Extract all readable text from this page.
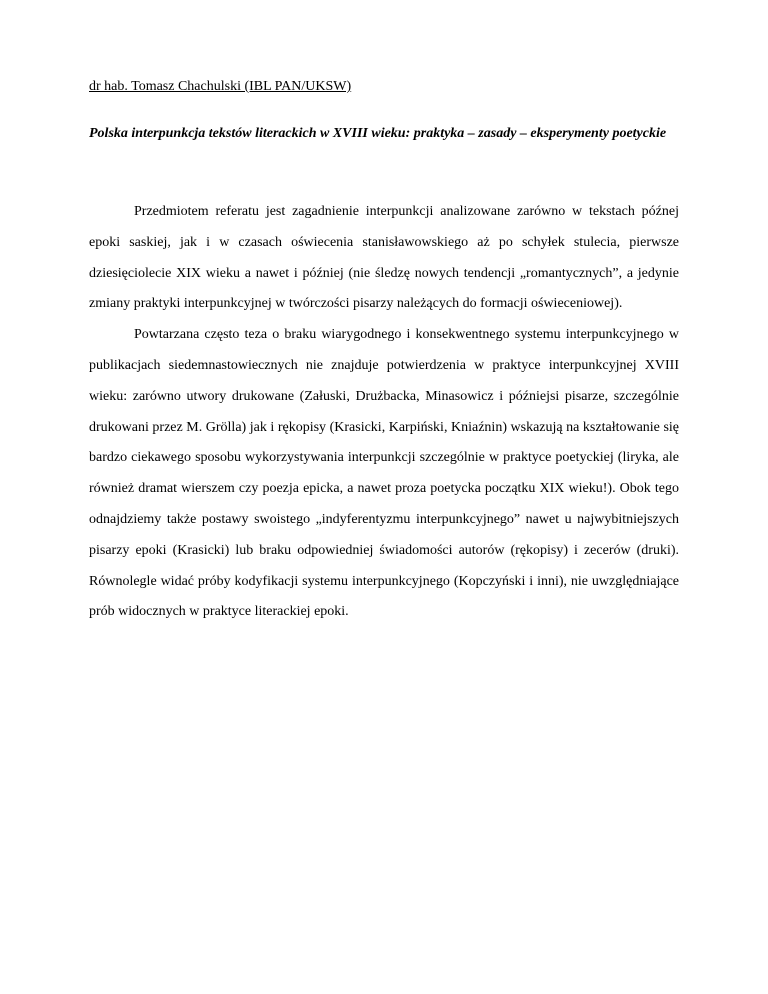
dr hab. Tomasz Chachulski (IBL PAN/UKSW)

Polska interpunkcja tekstów literackich w XVIII wieku: praktyka – zasady – eksperymenty poetyckie

Przedmiotem referatu jest zagadnienie interpunkcji analizowane zarówno w tekstach późnej epoki saskiej, jak i w czasach oświecenia stanisławowskiego aż po schyłek stulecia, pierwsze dziesięciolecie XIX wieku a nawet i później (nie śledzę nowych tendencji „romantycznych”, a jedynie zmiany praktyki interpunkcyjnej w twórczości pisarzy należących do formacji oświeceniowej).

Powtarzana często teza o braku wiarygodnego i konsekwentnego systemu interpunkcyjnego w publikacjach siedemnastowiecznych nie znajduje potwierdzenia w praktyce interpunkcyjnej XVIII wieku: zarówno utwory drukowane (Załuski, Drużbacka, Minasowicz i późniejsi pisarze, szczególnie drukowani przez M. Grölla) jak i rękopisy (Krasicki, Karpiński, Kniaźnin) wskazują na kształtowanie się bardzo ciekawego sposobu wykorzystywania interpunkcji szczególnie w praktyce poetyckiej (liryka, ale również dramat wierszem czy poezja epicka, a nawet proza poetycka początku XIX wieku!). Obok tego odnajdziemy także postawy swoistego „indyferentyzmu interpunkcyjnego” nawet u najwybitniejszych pisarzy epoki (Krasicki) lub braku odpowiedniej świadomości autorów (rękopisy) i zecerów (druki). Równolegle widać próby kodyfikacji systemu interpunkcyjnego (Kopczyński i inni), nie uwzględniające prób widocznych w praktyce literackiej epoki.
